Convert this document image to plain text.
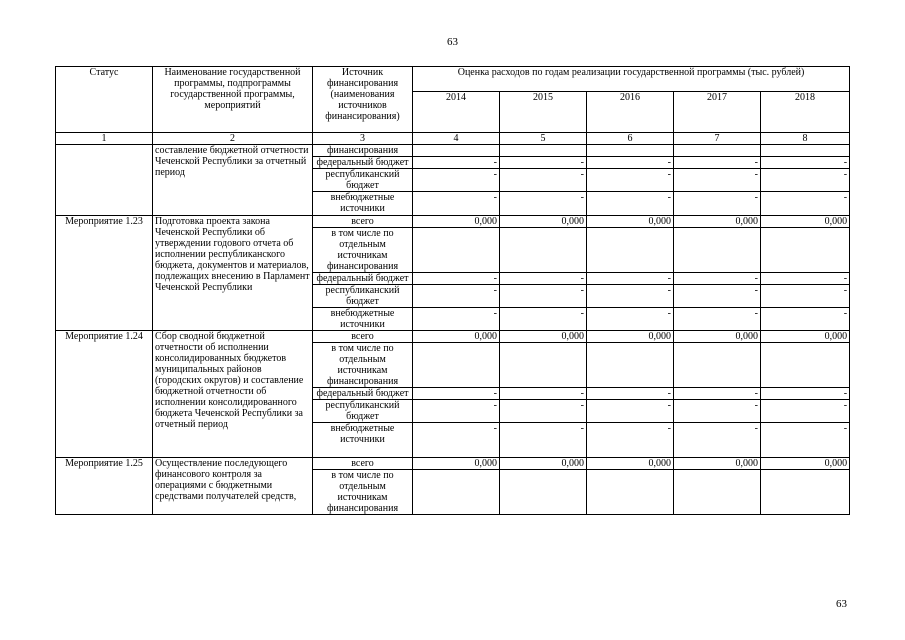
63
Статус	Наименование государственной программы, подпрограммы государственной программы, мероприятий	Источник финансирования (наименования источников финансирования)	Оценка расходов по годам реализации государственной программы (тыс. рублей)				
			2014	2015	2016	2017	2018
1	2	3	4	5	6	7	8
	составление бюджетной отчетности Чеченской Республики за отчетный период	финансирования					
		федеральный бюджет	-	-	-	-	-
		республиканский бюджет	-	-	-	-	-
		внебюджетные источники	-	-	-	-	-
Мероприятие 1.23	Подготовка проекта закона Чеченской Республики об утверждении годового отчета об исполнении республиканского бюджета, документов и материалов, подлежащих внесению в Парламент Чеченской Республики	всего	0,000	0,000	0,000	0,000	0,000
		в том числе по отдельным источникам финансирования					
		федеральный бюджет	-	-	-	-	-
		республиканский бюджет	-	-	-	-	-
		внебюджетные источники	-	-	-	-	-
Мероприятие 1.24	Сбор сводной бюджетной отчетности об исполнении консолидированных бюджетов муниципальных районов (городских округов) и составление бюджетной отчетности об исполнении консолидированного бюджета Чеченской Республики за отчетный период	всего	0,000	0,000	0,000	0,000	0,000
		в том числе по отдельным источникам финансирования					
		федеральный бюджет	-	-	-	-	-
		республиканский бюджет	-	-	-	-	-
		внебюджетные источники	-	-	-	-	-
Мероприятие 1.25	Осуществление последующего финансового контроля за операциями с бюджетными средствами получателей средств,	всего	0,000	0,000	0,000	0,000	0,000
		в том числе по отдельным источникам финансирования					
63
